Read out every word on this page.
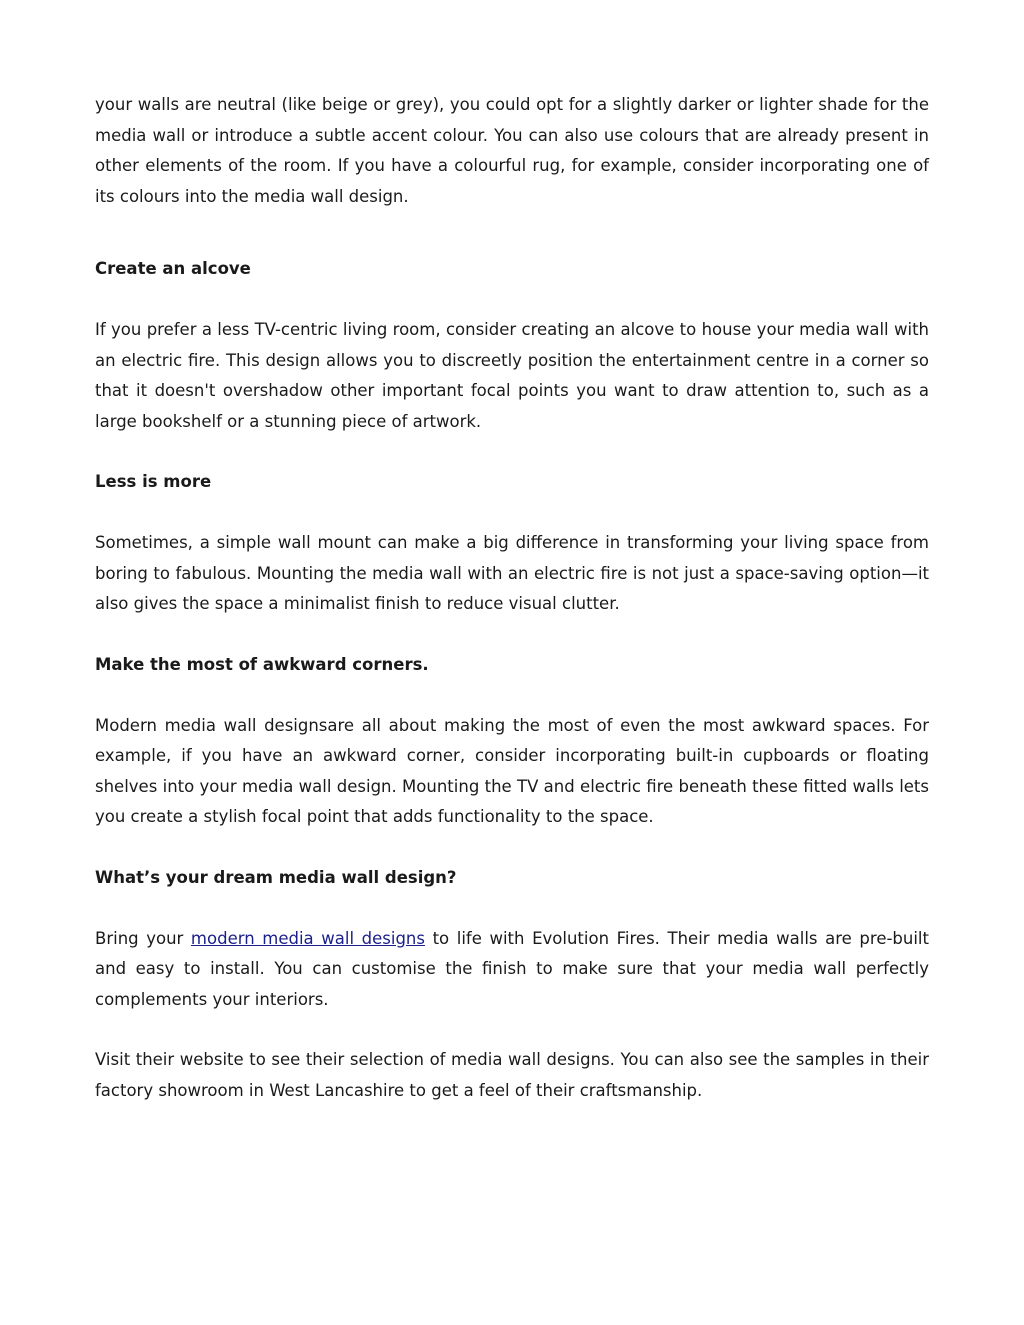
your walls are neutral (like beige or grey), you could opt for a slightly darker or lighter shade for the media wall or introduce a subtle accent colour. You can also use colours that are already present in other elements of the room. If you have a colourful rug, for example, consider incorporating one of its colours into the media wall design.

Create an alcove

If you prefer a less TV-centric living room, consider creating an alcove to house your media wall with an electric fire. This design allows you to discreetly position the entertainment centre in a corner so that it doesn't overshadow other important focal points you want to draw attention to, such as a large bookshelf or a stunning piece of artwork.

Less is more

Sometimes, a simple wall mount can make a big difference in transforming your living space from boring to fabulous. Mounting the media wall with an electric fire is not just a space-saving option—it also gives the space a minimalist finish to reduce visual clutter.

Make the most of awkward corners.

Modern media wall designsare all about making the most of even the most awkward spaces. For example, if you have an awkward corner, consider incorporating built-in cupboards or floating shelves into your media wall design. Mounting the TV and electric fire beneath these fitted walls lets you create a stylish focal point that adds functionality to the space.

What’s your dream media wall design?

Bring your modern media wall designs to life with Evolution Fires. Their media walls are pre-built and easy to install. You can customise the finish to make sure that your media wall perfectly complements your interiors.

Visit their website to see their selection of media wall designs. You can also see the samples in their factory showroom in West Lancashire to get a feel of their craftsmanship.
